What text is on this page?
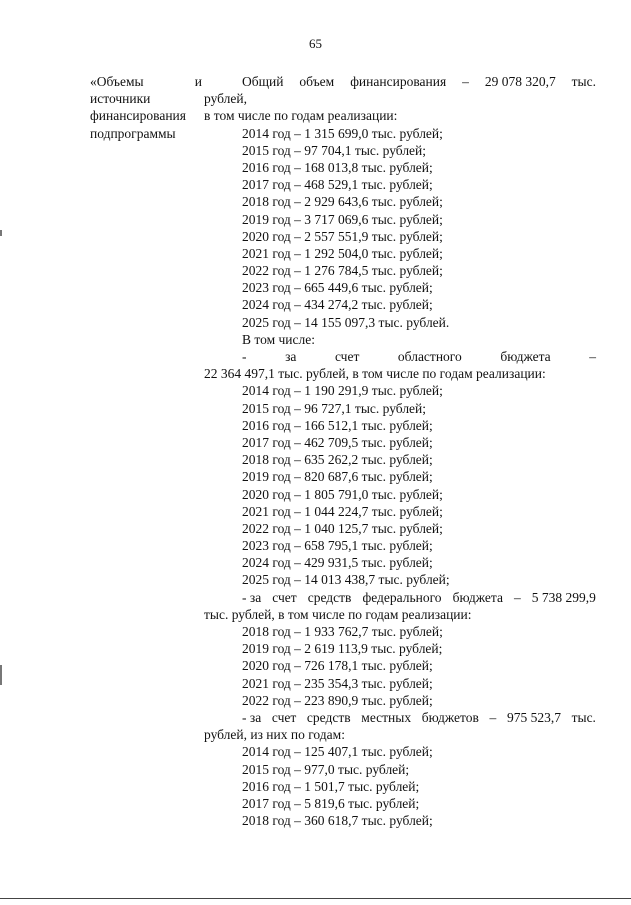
65
«Объемы	и
источники
финансирования
подпрограммы
Общий объем финансирования – 29 078 320,7 тыс.
рублей,
в том числе по годам реализации:
2014 год – 1 315 699,0 тыс. рублей;
2015 год – 97 704,1 тыс. рублей;
2016 год – 168 013,8 тыс. рублей;
2017 год – 468 529,1 тыс. рублей;
2018 год – 2 929 643,6 тыс. рублей;
2019 год – 3 717 069,6 тыс. рублей;
2020 год – 2 557 551,9 тыс. рублей;
2021 год – 1 292 504,0 тыс. рублей;
2022 год – 1 276 784,5 тыс. рублей;
2023 год – 665 449,6 тыс. рублей;
2024 год – 434 274,2 тыс. рублей;
2025 год – 14 155 097,3 тыс. рублей.
В том числе:
-	за	счет	областного	бюджета	–
22 364 497,1 тыс. рублей, в том числе по годам реализации:
2014 год – 1 190 291,9 тыс. рублей;
2015 год – 96 727,1 тыс. рублей;
2016 год – 166 512,1 тыс. рублей;
2017 год – 462 709,5 тыс. рублей;
2018 год – 635 262,2 тыс. рублей;
2019 год – 820 687,6 тыс. рублей;
2020 год – 1 805 791,0 тыс. рублей;
2021 год – 1 044 224,7 тыс. рублей;
2022 год – 1 040 125,7 тыс. рублей;
2023 год – 658 795,1 тыс. рублей;
2024 год – 429 931,5 тыс. рублей;
2025 год – 14 013 438,7 тыс. рублей;
- за счет средств федерального бюджета – 5 738 299,9
тыс. рублей, в том числе по годам реализации:
2018 год – 1 933 762,7 тыс. рублей;
2019 год – 2 619 113,9 тыс. рублей;
2020 год – 726 178,1 тыс. рублей;
2021 год – 235 354,3 тыс. рублей;
2022 год – 223 890,9 тыс. рублей;
- за счет средств местных бюджетов – 975 523,7 тыс.
рублей, из них по годам:
2014 год – 125 407,1 тыс. рублей;
2015 год – 977,0 тыс. рублей;
2016 год – 1 501,7 тыс. рублей;
2017 год – 5 819,6 тыс. рублей;
2018 год – 360 618,7 тыс. рублей;
